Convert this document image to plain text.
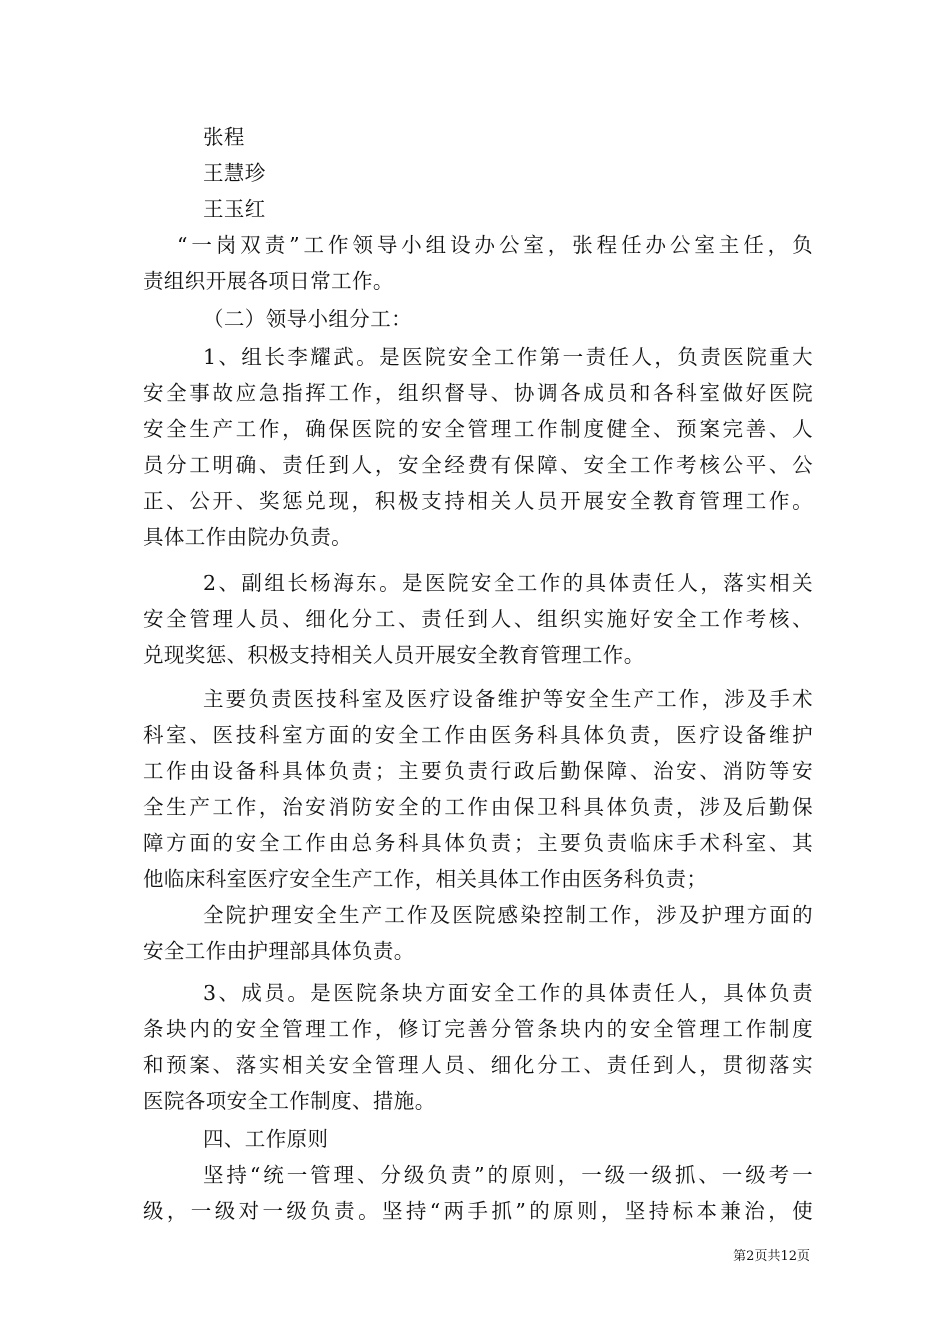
张程
王慧珍
王玉红
“一岗双责”工作领导小组设办公室，张程任办公室主任，负
责组织开展各项日常工作。
（二）领导小组分工：
1、组长李耀武。是医院安全工作第一责任人，负责医院重大
安全事故应急指挥工作，组织督导、协调各成员和各科室做好医院
安全生产工作，确保医院的安全管理工作制度健全、预案完善、人
员分工明确、责任到人，安全经费有保障、安全工作考核公平、公
正、公开、奖惩兑现，积极支持相关人员开展安全教育管理工作。
具体工作由院办负责。
2、副组长杨海东。是医院安全工作的具体责任人，落实相关
安全管理人员、细化分工、责任到人、组织实施好安全工作考核、
兑现奖惩、积极支持相关人员开展安全教育管理工作。
主要负责医技科室及医疗设备维护等安全生产工作，涉及手术
科室、医技科室方面的安全工作由医务科具体负责，医疗设备维护
工作由设备科具体负责；主要负责行政后勤保障、治安、消防等安
全生产工作，治安消防安全的工作由保卫科具体负责，涉及后勤保
障方面的安全工作由总务科具体负责；主要负责临床手术科室、其
他临床科室医疗安全生产工作，相关具体工作由医务科负责；
全院护理安全生产工作及医院感染控制工作，涉及护理方面的
安全工作由护理部具体负责。
3、成员。是医院条块方面安全工作的具体责任人，具体负责
条块内的安全管理工作，修订完善分管条块内的安全管理工作制度
和预案、落实相关安全管理人员、细化分工、责任到人，贯彻落实
医院各项安全工作制度、措施。
四、工作原则
坚持“统一管理、分级负责”的原则，一级一级抓、一级考一
级，一级对一级负责。坚持“两手抓”的原则，坚持标本兼治，使
第2页共12页
